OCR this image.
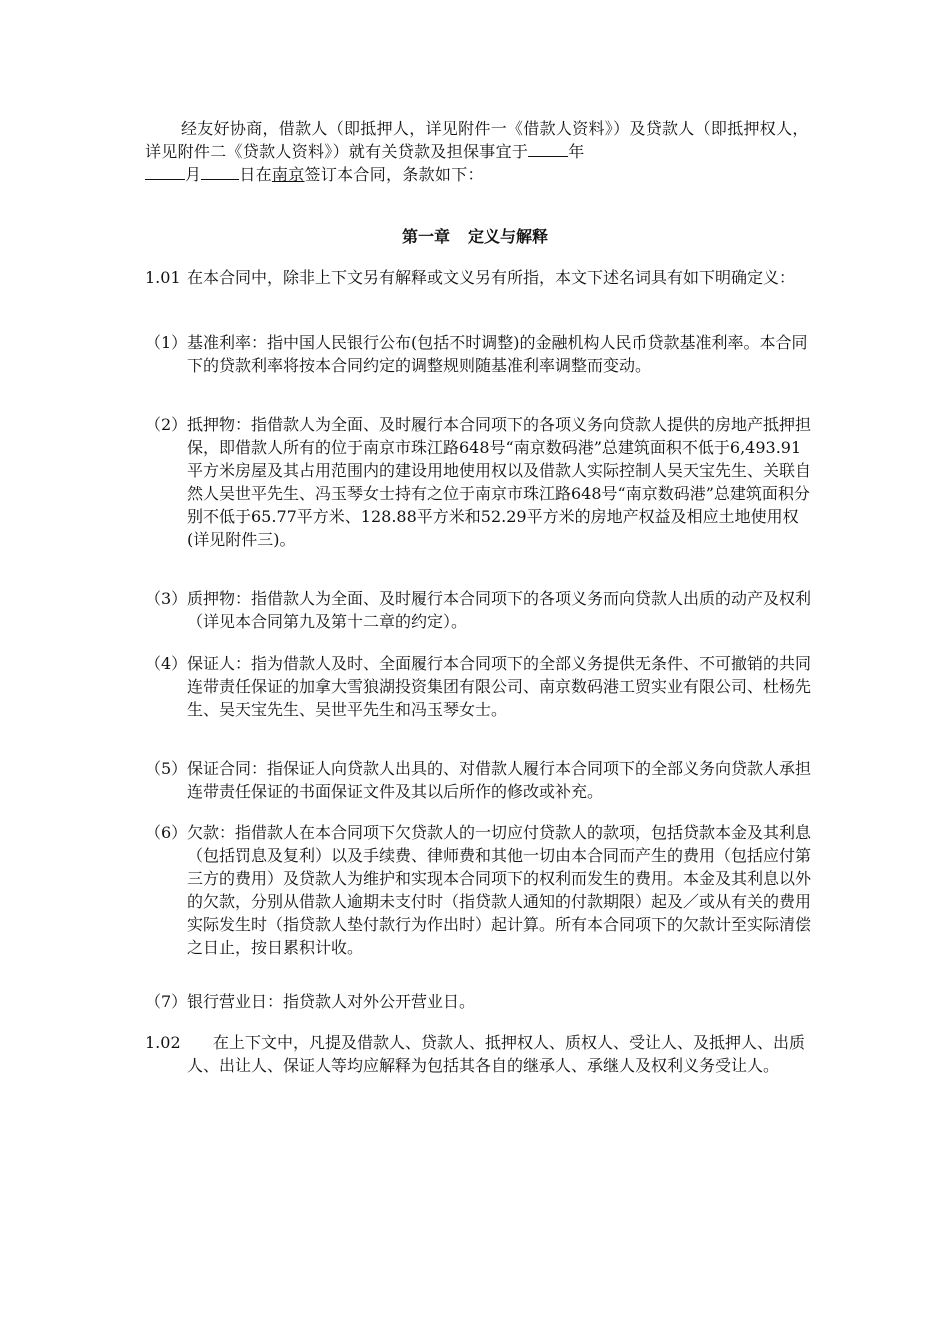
经友好协商，借款人（即抵押人，详见附件一《借款人资料》）及贷款人（即抵押权人，详见附件二《贷款人资料》）就有关贷款及担保事宜于	年
月 日在南京签订本合同，条款如下：
第一章 定义与解释
1.01 在本合同中，除非上下文另有解释或文义另有所指，本文下述名词具有如下明确定义：
（1） 基准利率：指中国人民银行公布(包括不时调整)的金融机构人民币贷款基准利率。本合同下的贷款利率将按本合同约定的调整规则随基准利率调整而变动。
（2） 抵押物：指借款人为全面、及时履行本合同项下的各项义务向贷款人提供的房地产抵押担保，即借款人所有的位于南京市珠江路648号“南京数码港”总建筑面积不低于6,493.91平方米房屋及其占用范围内的建设用地使用权以及借款人实际控制人吴天宝先生、关联自然人吴世平先生、冯玉琴女士持有之位于南京市珠江路648号“南京数码港”总建筑面积分别不低于65.77平方米、128.88平方米和52.29平方米的房地产权益及相应土地使用权(详见附件三)。
（3） 质押物：指借款人为全面、及时履行本合同项下的各项义务而向贷款人出质的动产及权利（详见本合同第九及第十二章的约定）。
（4） 保证人：指为借款人及时、全面履行本合同项下的全部义务提供无条件、不可撤销的共同连带责任保证的加拿大雪狼湖投资集团有限公司、南京数码港工贸实业有限公司、杜杨先生、吴天宝先生、吴世平先生和冯玉琴女士。
（5） 保证合同：指保证人向贷款人出具的、对借款人履行本合同项下的全部义务向贷款人承担连带责任保证的书面保证文件及其以后所作的修改或补充。
（6） 欠款：指借款人在本合同项下欠贷款人的一切应付贷款人的款项，包括贷款本金及其利息（包括罚息及复利）以及手续费、律师费和其他一切由本合同而产生的费用（包括应付第三方的费用）及贷款人为维护和实现本合同项下的权利而发生的费用。本金及其利息以外的欠款，分别从借款人逾期未支付时（指贷款人通知的付款期限）起及／或从有关的费用实际发生时（指贷款人垫付款行为作出时）起计算。所有本合同项下的欠款计至实际清偿之日止，按日累积计收。
（7） 银行营业日：指贷款人对外公开营业日。
1.02	在上下文中，凡提及借款人、贷款人、抵押权人、质权人、受让人、及抵押人、出质人、出让人、保证人等均应解释为包括其各自的继承人、承继人及权利义务受让人。
